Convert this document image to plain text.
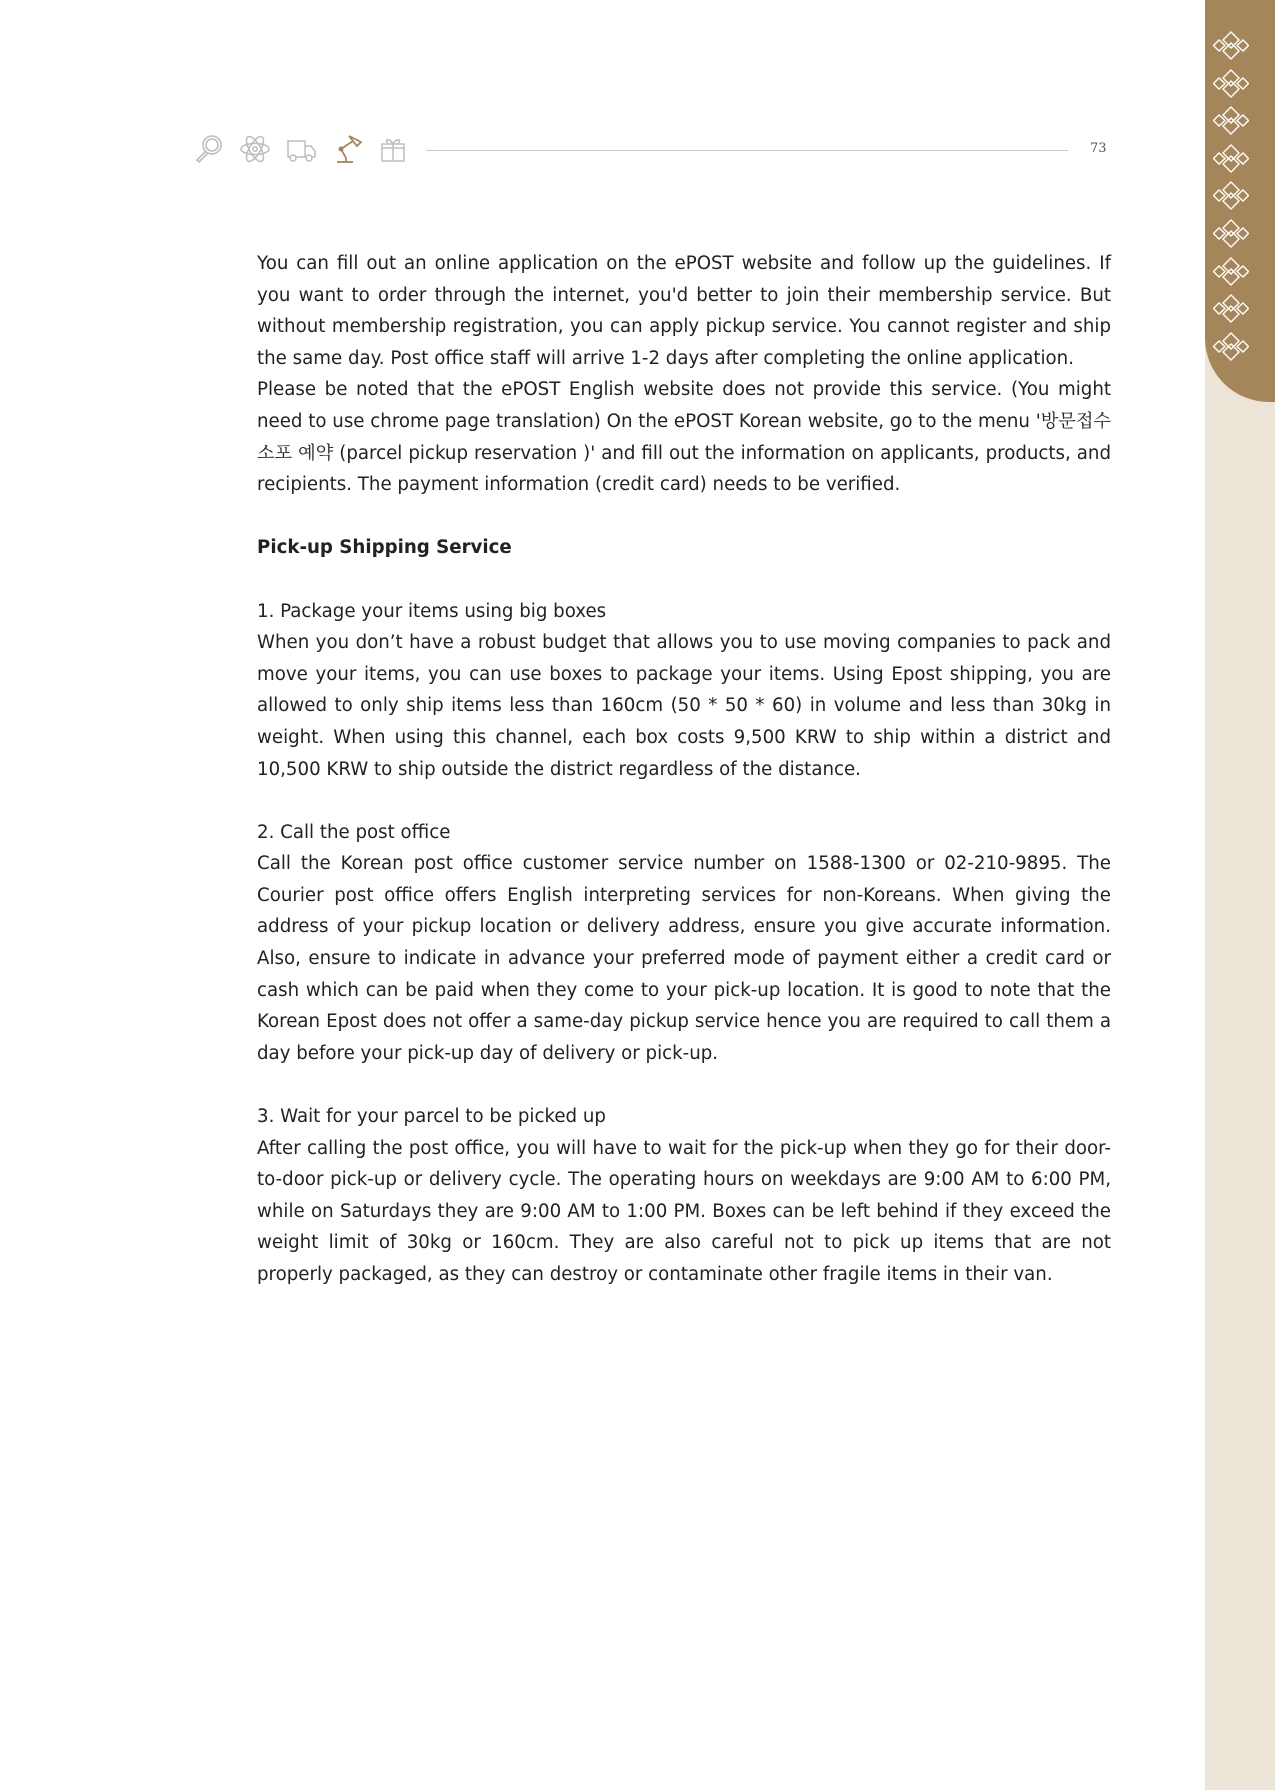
73

You can fill out an online application on the ePOST website and follow up the guidelines. If you want to order through the internet, you'd better to join their membership service. But without membership registration, you can apply pickup service. You cannot register and ship the same day. Post office staff will arrive 1-2 days after completing the online application.

Please be noted that the ePOST English website does not provide this service. (You might need to use chrome page translation) On the ePOST Korean website, go to the menu '방문접수소포 예약 (parcel pickup reservation )' and fill out the information on applicants, products, and recipients. The payment information (credit card) needs to be verified.

Pick-up Shipping Service

1. Package your items using big boxes

When you don’t have a robust budget that allows you to use moving companies to pack and move your items, you can use boxes to package your items. Using Epost shipping, you are allowed to only ship items less than 160cm (50 * 50 * 60) in volume and less than 30kg in weight. When using this channel, each box costs 9,500 KRW to ship within a district and 10,500 KRW to ship outside the district regardless of the distance.

2. Call the post office

Call the Korean post office customer service number on 1588-1300 or 02-210-9895. The Courier post office offers English interpreting services for non-Koreans. When giving the address of your pickup location or delivery address, ensure you give accurate information. Also, ensure to indicate in advance your preferred mode of payment either a credit card or cash which can be paid when they come to your pick-up location. It is good to note that the Korean Epost does not offer a same-day pickup service hence you are required to call them a day before your pick-up day of delivery or pick-up.

3. Wait for your parcel to be picked up

After calling the post office, you will have to wait for the pick-up when they go for their door-to-door pick-up or delivery cycle. The operating hours on weekdays are 9:00 AM to 6:00 PM, while on Saturdays they are 9:00 AM to 1:00 PM. Boxes can be left behind if they exceed the weight limit of 30kg or 160cm. They are also careful not to pick up items that are not properly packaged, as they can destroy or contaminate other fragile items in their van.
